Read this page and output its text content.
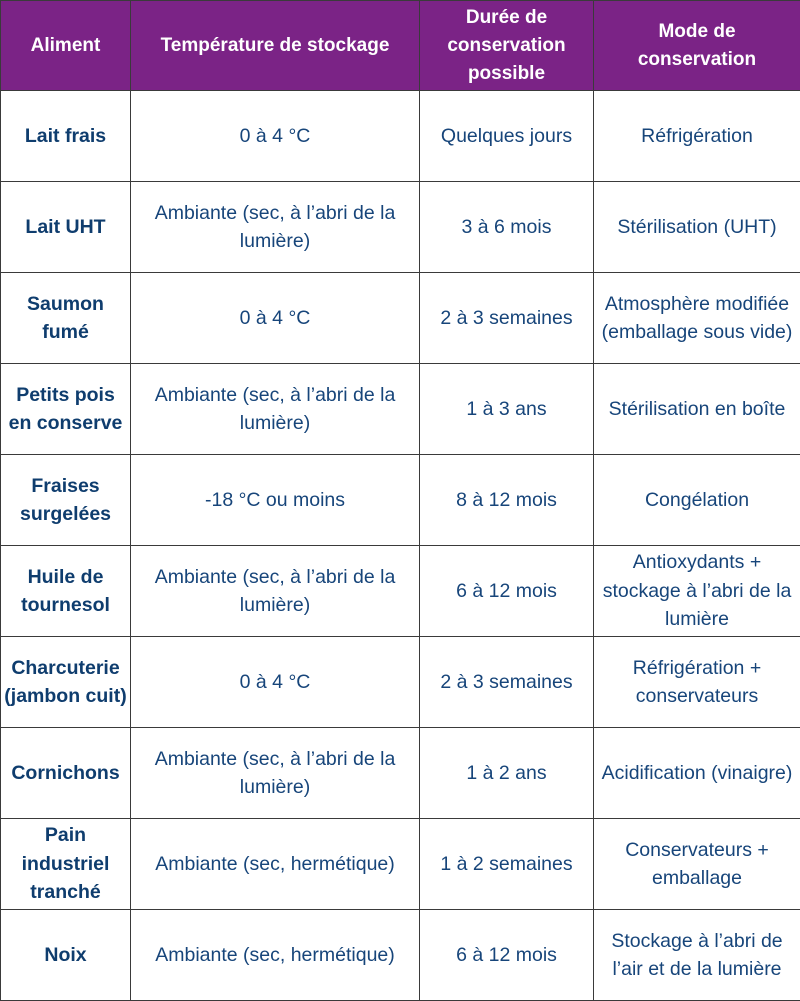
Aliment	Température de stockage	Durée de conservation possible	Mode de conservation
Lait frais	0 à 4 °C	Quelques jours	Réfrigération
Lait UHT	Ambiante (sec, à l’abri de la lumière)	3 à 6 mois	Stérilisation (UHT)
Saumon fumé	0 à 4 °C	2 à 3 semaines	Atmosphère modifiée (emballage sous vide)
Petits pois en conserve	Ambiante (sec, à l’abri de la lumière)	1 à 3 ans	Stérilisation en boîte
Fraises surgelées	-18 °C ou moins	8 à 12 mois	Congélation
Huile de tournesol	Ambiante (sec, à l’abri de la lumière)	6 à 12 mois	Antioxydants + stockage à l’abri de la lumière
Charcuterie (jambon cuit)	0 à 4 °C	2 à 3 semaines	Réfrigération + conservateurs
Cornichons	Ambiante (sec, à l’abri de la lumière)	1 à 2 ans	Acidification (vinaigre)
Pain industriel tranché	Ambiante (sec, hermétique)	1 à 2 semaines	Conservateurs + emballage
Noix	Ambiante (sec, hermétique)	6 à 12 mois	Stockage à l’abri de l’air et de la lumière
